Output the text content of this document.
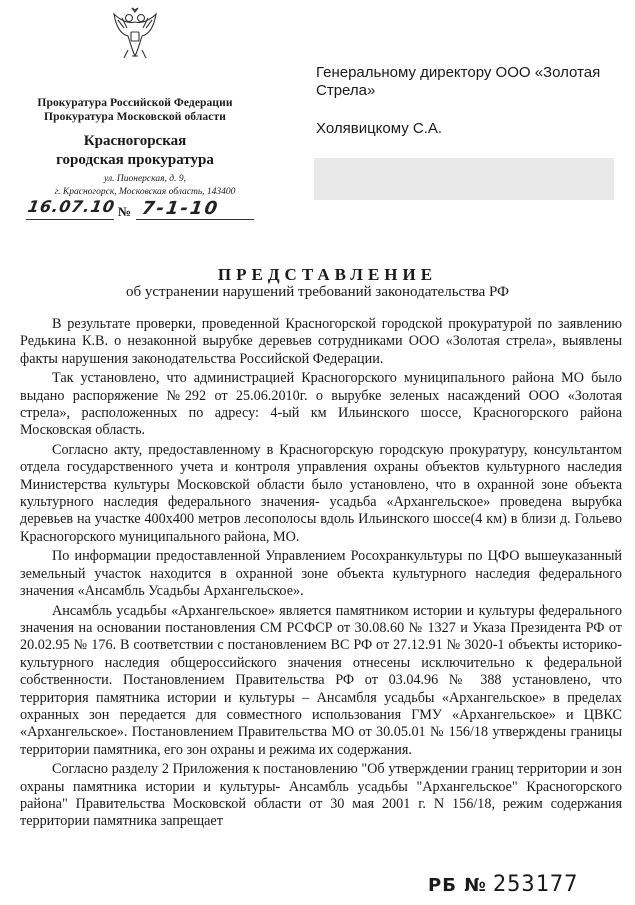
Прокуратура Российской Федерации
Прокуратура Московской области
Красногорская
городская прокуратура
ул. Пионерская, д. 9,
г. Красногорск, Московская область, 143400
16.07.10 № 7-1-10
Генеральному директору ООО «Золотая
Стрела»
Холявицкому С.А.
ПРЕДСТАВЛЕНИЕ
об устранении нарушений требований законодательства РФ

В результате проверки, проведенной Красногорской городской прокуратурой по заявлению Редькина К.В. о незаконной вырубке деревьев сотрудниками ООО «Золотая стрела», выявлены факты нарушения законодательства Российской Федерации.

Так установлено, что администрацией Красногорского муниципального района МО было выдано распоряжение №292 от 25.06.2010г. о вырубке зеленых насаждений ООО «Золотая стрела», расположенных по адресу: 4-ый км Ильинского шоссе, Красногорского района Московская область.

Согласно акту, предоставленному в Красногорскую городскую прокуратуру, консультантом отдела государственного учета и контроля управления охраны объектов культурного наследия Министерства культуры Московской области было установлено, что в охранной зоне объекта культурного наследия федерального значения- усадьба «Архангельское» проведена вырубка деревьев на участке 400х400 метров лесополосы вдоль Ильинского шоссе(4 км) в близи д. Гольево Красногорского муниципального района, МО.

По информации предоставленной Управлением Росохранкультуры по ЦФО вышеуказанный земельный участок находится в охранной зоне объекта культурного наследия федерального значения «Ансамбль Усадьбы Архангельское».

Ансамбль усадьбы «Архангельское» является памятником истории и культуры федерального значения на основании постановления СМ РСФСР от 30.08.60 № 1327 и Указа Президента РФ от 20.02.95 № 176. В соответствии с постановлением ВС РФ от 27.12.91 № 3020-1 объекты историко-культурного наследия общероссийского значения отнесены исключительно к федеральной собственности. Постановлением Правительства РФ от 03.04.96 № 388 установлено, что территория памятника истории и культуры – Ансамбля усадьбы «Архангельское» в пределах охранных зон передается для совместного использования ГМУ «Архангельское» и ЦВКС «Архангельское». Постановлением Правительства МО от 30.05.01 № 156/18 утверждены границы территории памятника, его зон охраны и режима их содержания.

Согласно разделу 2 Приложения к постановлению "Об утверждении границ территории и зон охраны памятника истории и культуры- Ансамбль усадьбы "Архангельское" Красногорского района" Правительства Московской области от 30 мая 2001 г. N 156/18, режим содержания территории памятника запрещает

РБ № 253177
